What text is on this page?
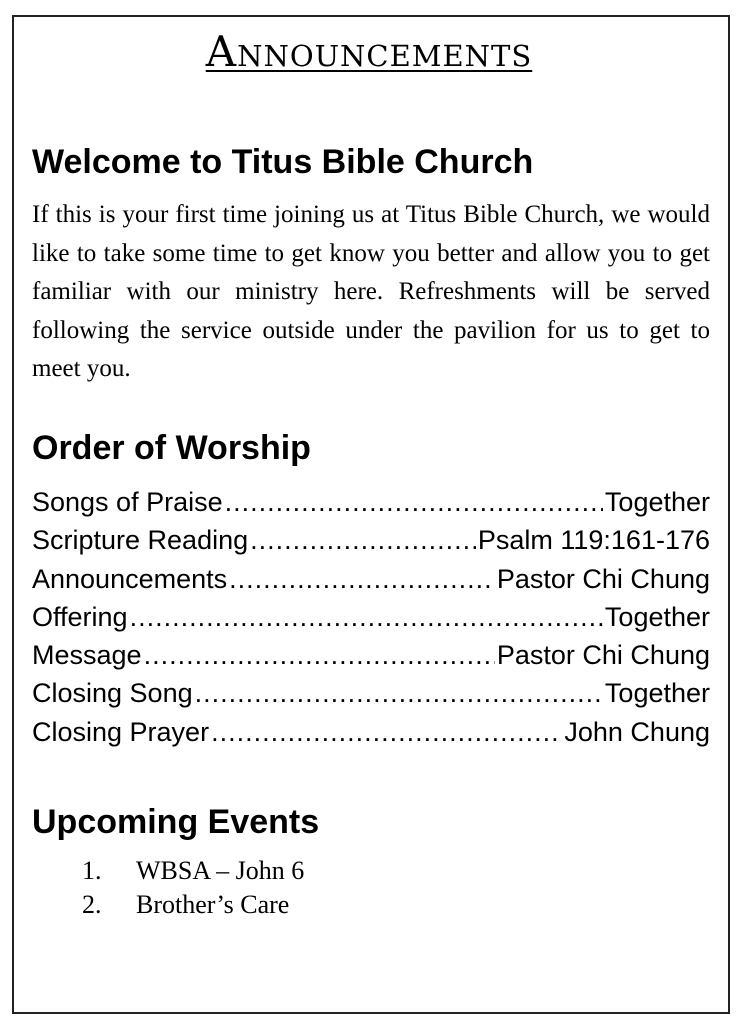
Announcements
Welcome to Titus Bible Church

If this is your first time joining us at Titus Bible Church, we would like to take some time to get know you better and allow you to get familiar with our ministry here. Refreshments will be served following the service outside under the pavilion for us to get to meet you.

Order of Worship
Songs of Praise .....	Together
Scripture Reading .....	Psalm 119:161-176
Announcements .....	Pastor Chi Chung
Offering .....	Together
Message .....	Pastor Chi Chung
Closing Song .....	Together
Closing Prayer .....	John Chung
Upcoming Events
1.	WBSA – John 6
2.	Brother’s Care
